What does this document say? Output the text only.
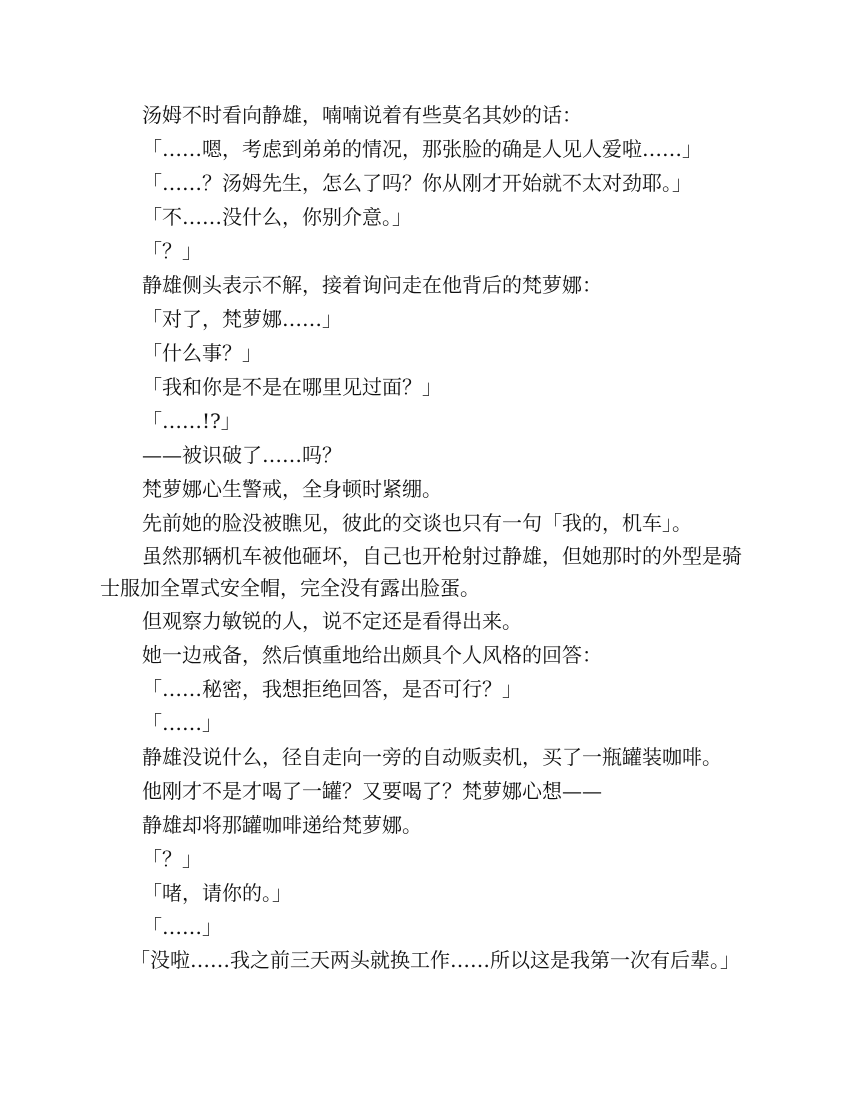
汤姆不时看向静雄，喃喃说着有些莫名其妙的话：

「……嗯，考虑到弟弟的情况，那张脸的确是人见人爱啦……」

「……？汤姆先生，怎么了吗？你从刚才开始就不太对劲耶。」

「不……没什么，你别介意。」

「？」

静雄侧头表示不解，接着询问走在他背后的梵萝娜：

「对了，梵萝娜……」

「什么事？」

「我和你是不是在哪里见过面？」

「……!?」

——被识破了……吗？

梵萝娜心生警戒，全身顿时紧绷。

先前她的脸没被瞧见，彼此的交谈也只有一句「我的，机车」。

虽然那辆机车被他砸坏，自己也开枪射过静雄，但她那时的外型是骑士服加全罩式安全帽，完全没有露出脸蛋。

但观察力敏锐的人，说不定还是看得出来。

她一边戒备，然后慎重地给出颇具个人风格的回答：

「……秘密，我想拒绝回答，是否可行？」

「……」

静雄没说什么，径自走向一旁的自动贩卖机，买了一瓶罐装咖啡。

他刚才不是才喝了一罐？又要喝了？梵萝娜心想——

静雄却将那罐咖啡递给梵萝娜。

「？」

「啫，请你的。」

「……」

「没啦……我之前三天两头就换工作……所以这是我第一次有后辈。」
